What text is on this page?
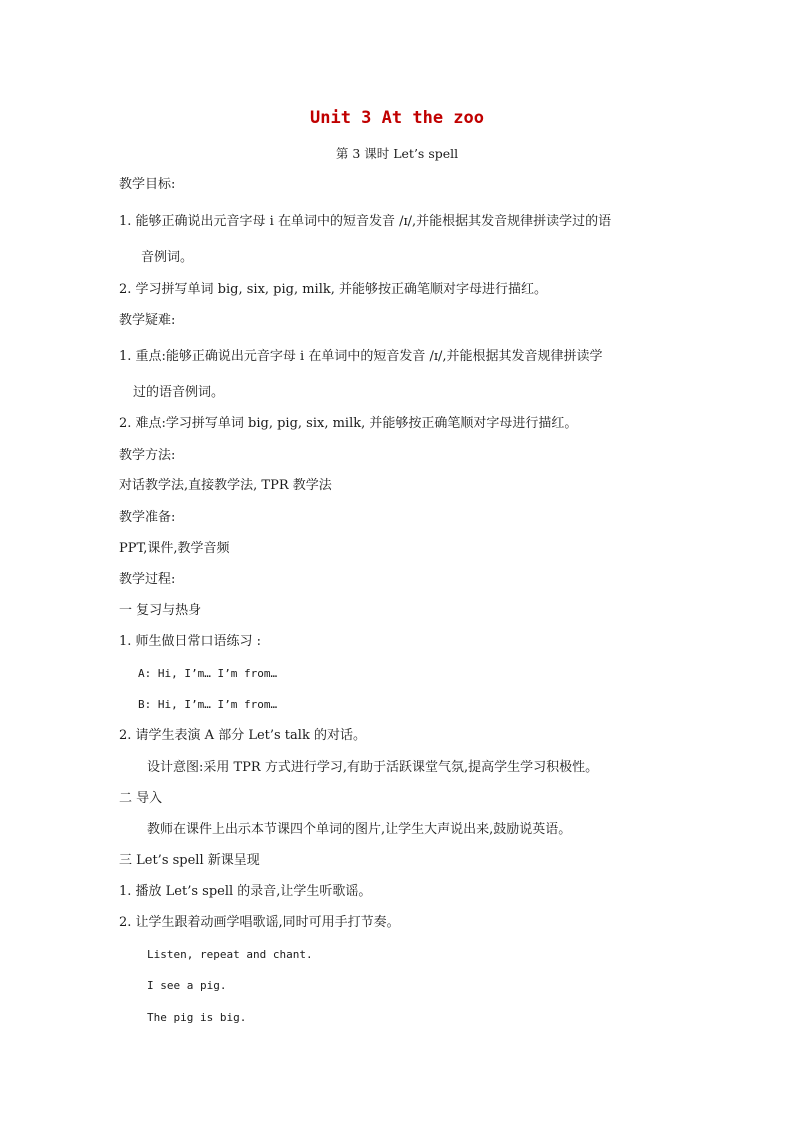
Unit 3 At the zoo
第 3 课时 Let’s spell
教学目标:
1. 能够正确说出元音字母 i 在单词中的短音发音 /ɪ/,并能根据其发音规律拼读学过的语
音例词。
2. 学习拼写单词 big, six, pig, milk, 并能够按正确笔顺对字母进行描红。
教学疑难:
1. 重点:能够正确说出元音字母 i 在单词中的短音发音 /ɪ/,并能根据其发音规律拼读学
过的语音例词。
2. 难点:学习拼写单词 big, pig, six, milk, 并能够按正确笔顺对字母进行描红。
教学方法:
对话教学法,直接教学法, TPR 教学法
教学准备:
PPT,课件,教学音频
教学过程:
一 复习与热身
1. 师生做日常口语练习 :
A: Hi, I’m… I’m from…
B: Hi, I’m… I’m from…
2. 请学生表演 A 部分 Let’s talk 的对话。
设计意图:采用 TPR 方式进行学习,有助于活跃课堂气氛,提高学生学习积极性。
二 导入
教师在课件上出示本节课四个单词的图片,让学生大声说出来,鼓励说英语。
三 Let’s spell 新课呈现
1. 播放 Let’s spell 的录音,让学生听歌谣。
2. 让学生跟着动画学唱歌谣,同时可用手打节奏。
Listen, repeat and chant.
I see a pig.
The pig is big.
